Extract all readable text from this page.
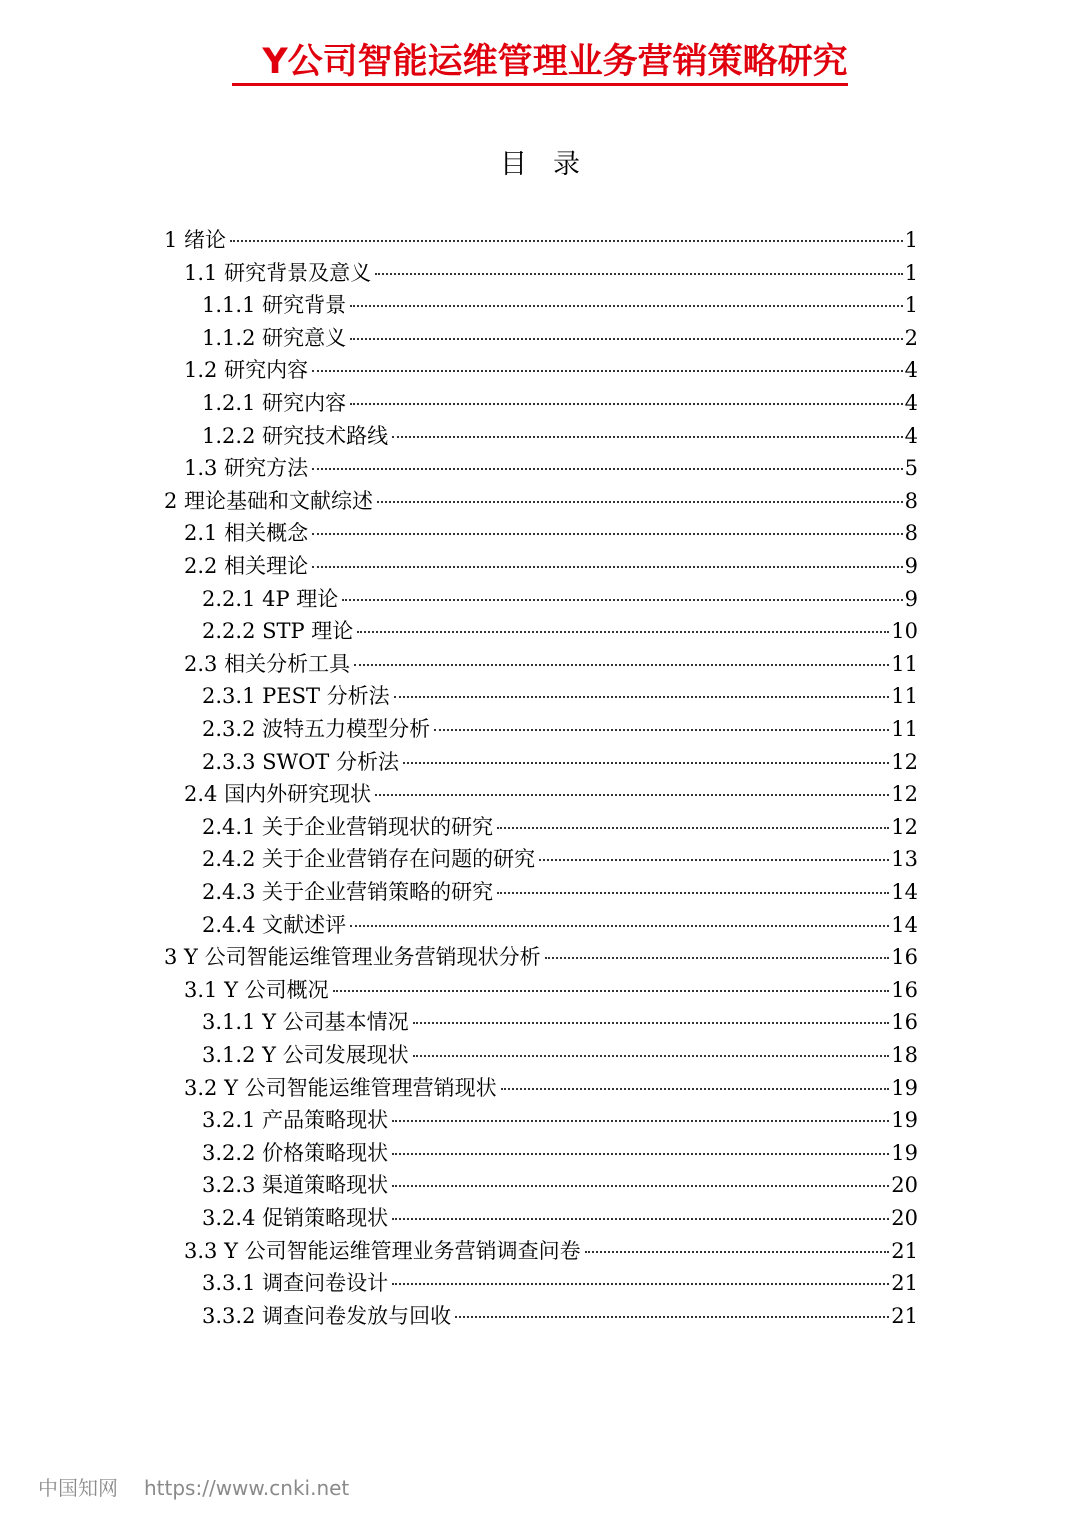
Y公司智能运维管理业务营销策略研究
目录
1 绪论	1
1.1 研究背景及意义	1
1.1.1 研究背景	1
1.1.2 研究意义	2
1.2 研究内容	4
1.2.1 研究内容	4
1.2.2 研究技术路线	4
1.3 研究方法	5
2 理论基础和文献综述	8
2.1 相关概念	8
2.2 相关理论	9
2.2.1 4P 理论	9
2.2.2 STP 理论	10
2.3 相关分析工具	11
2.3.1 PEST 分析法	11
2.3.2 波特五力模型分析	11
2.3.3 SWOT 分析法	12
2.4 国内外研究现状	12
2.4.1 关于企业营销现状的研究	12
2.4.2 关于企业营销存在问题的研究	13
2.4.3 关于企业营销策略的研究	14
2.4.4 文献述评	14
3 Y 公司智能运维管理业务营销现状分析	16
3.1 Y 公司概况	16
3.1.1 Y 公司基本情况	16
3.1.2 Y 公司发展现状	18
3.2 Y 公司智能运维管理营销现状	19
3.2.1 产品策略现状	19
3.2.2 价格策略现状	19
3.2.3 渠道策略现状	20
3.2.4 促销策略现状	20
3.3 Y 公司智能运维管理业务营销调查问卷	21
3.3.1 调查问卷设计	21
3.3.2 调查问卷发放与回收	21
中国知网 https://www.cnki.net
